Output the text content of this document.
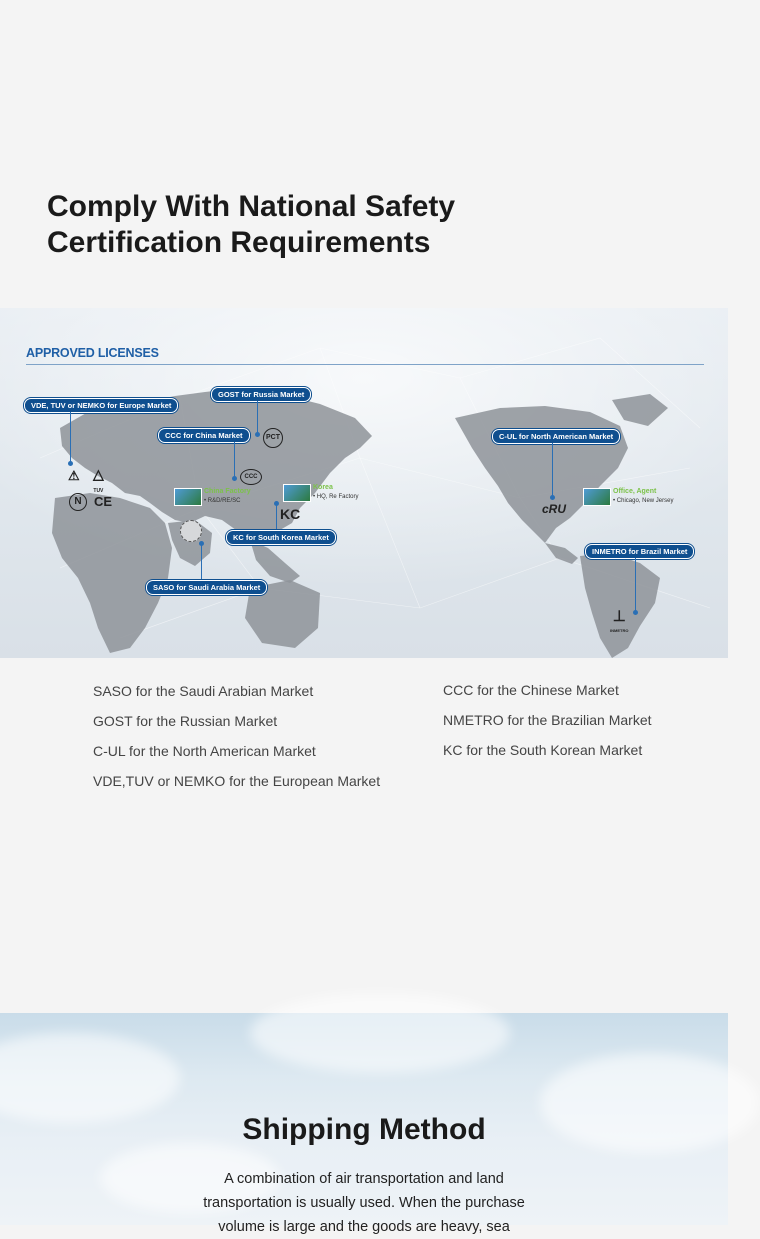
Comply With National Safety
Certification Requirements
APPROVED LICENSES
VDE, TUV or NEMKO for Europe Market
⚠ △
TUV
N CE
GOST for Russia Market
PCT
CCC for China Market
CCC
China Factory
• R&D/RE/SC
Korea
• HQ, Re Factory
KC
KC for South Korea Market
SASO for Saudi Arabia Market
C-UL for North American Market
cRU
Office, Agent
• Chicago, New Jersey
INMETRO for Brazil Market
⊥

INMETRO
SASO for the Saudi Arabian Market
GOST for the Russian Market
C-UL for the North American Market
VDE,TUV or NEMKO for the European Market
CCC for the Chinese Market
NMETRO for the Brazilian Market
KC for the South Korean Market
Shipping Method
A combination of air transportation and land transportation is usually used. When the purchase volume is large and the goods are heavy, sea
